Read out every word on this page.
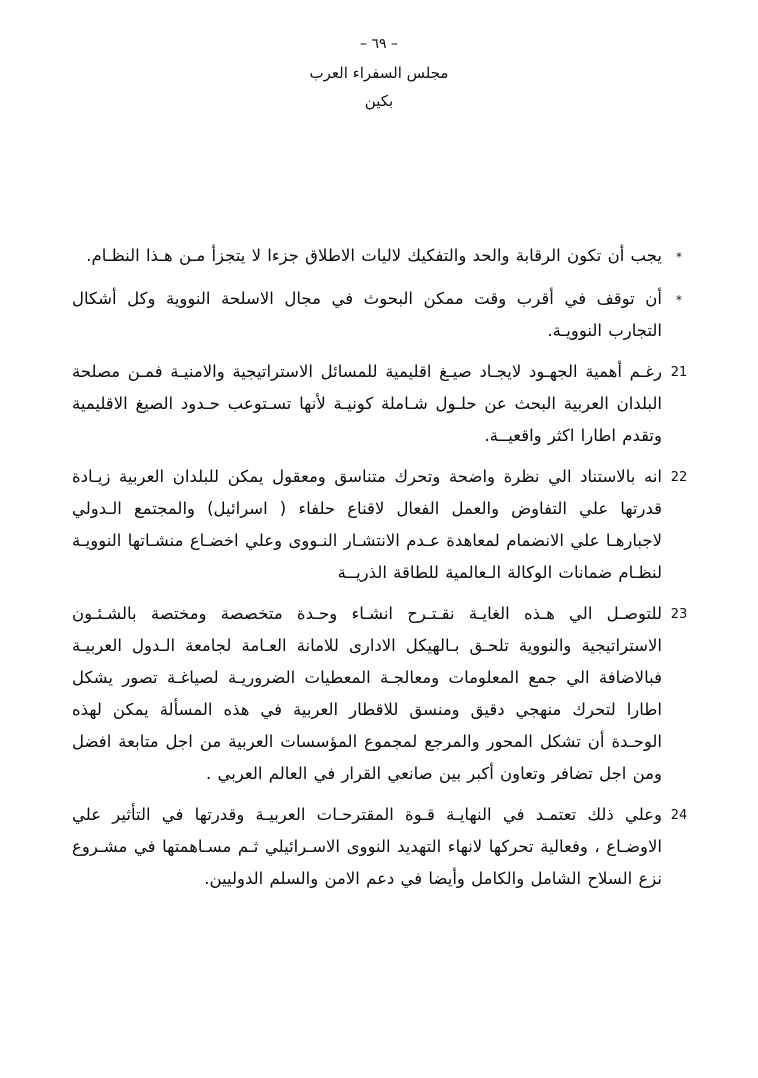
– ٦٩ –
مجلس السفراء العرب
بكين
*
يجب أن تكون الرقابة والحد والتفكيك لاليات الاطلاق جزءا لا يتجزأ مـن هـذا النظـام.
*
أن توقف في أقرب وقت ممكن البحوث في مجال الاسلحة النووية وكل أشكال التجارب النوويـة.
21
رغـم أهمية الجهـود لايجـاد صيـغ اقليمية للمسائل الاستراتيجية والامنيـة فمـن مصلحة البلدان العربية البحث عن حلـول شـاملة كونيـة لأنها تسـتوعب حـدود الصيغ الاقليمية وتقدم اطارا اكثر واقعيــة.
22
انه بالاستناد الي نظرة واضحة وتحرك متناسق ومعقول يمكن للبلدان العربية زيـادة قدرتها علي التفاوض والعمل الفعال لاقناع حلفاء ( اسرائيل) والمجتمع الـدولي لاجبارهـا علي الانضمام لمعاهدة عـدم الانتشـار النـووى وعلي اخضـاع منشـاتها النوويـة لنظـام ضمانات الوكالة الـعالمية للطاقة الذريــة
23
للتوصـل الي هـذه الغايـة نقـتـرح انشـاء وحـدة متخصصة ومختصة بالشـئـون الاستراتيجية والنووية تلحـق بـالهيكل الادارى للامانة العـامة لجامعة الـدول العربيـة فبالاضافة الي جمع المعلومات ومعالجـة المعطيات الضروريـة لصياغـة تصور يشكل اطارا لتحرك منهجي دقيق ومنسق للاقطار العربية في هذه المسألة يمكن لهذه الوحـدة أن تشكل المحور والمرجع لمجموع المؤسسات العربية من اجل متابعة افضل ومن اجل تضافر وتعاون أكبر بين صانعي القرار في العالم العربي .
24
وعلي ذلك تعتمـد في النهايـة قـوة المقترحـات العربيـة وقدرتها في التأثير علي الاوضـاع ، وفعالية تحركها لانهاء التهديد النووى الاسـرائيلي ثـم مسـاهمتها في مشـروع نزع السلاح الشامل والكامل وأيضا في دعم الامن والسلم الدوليين.
